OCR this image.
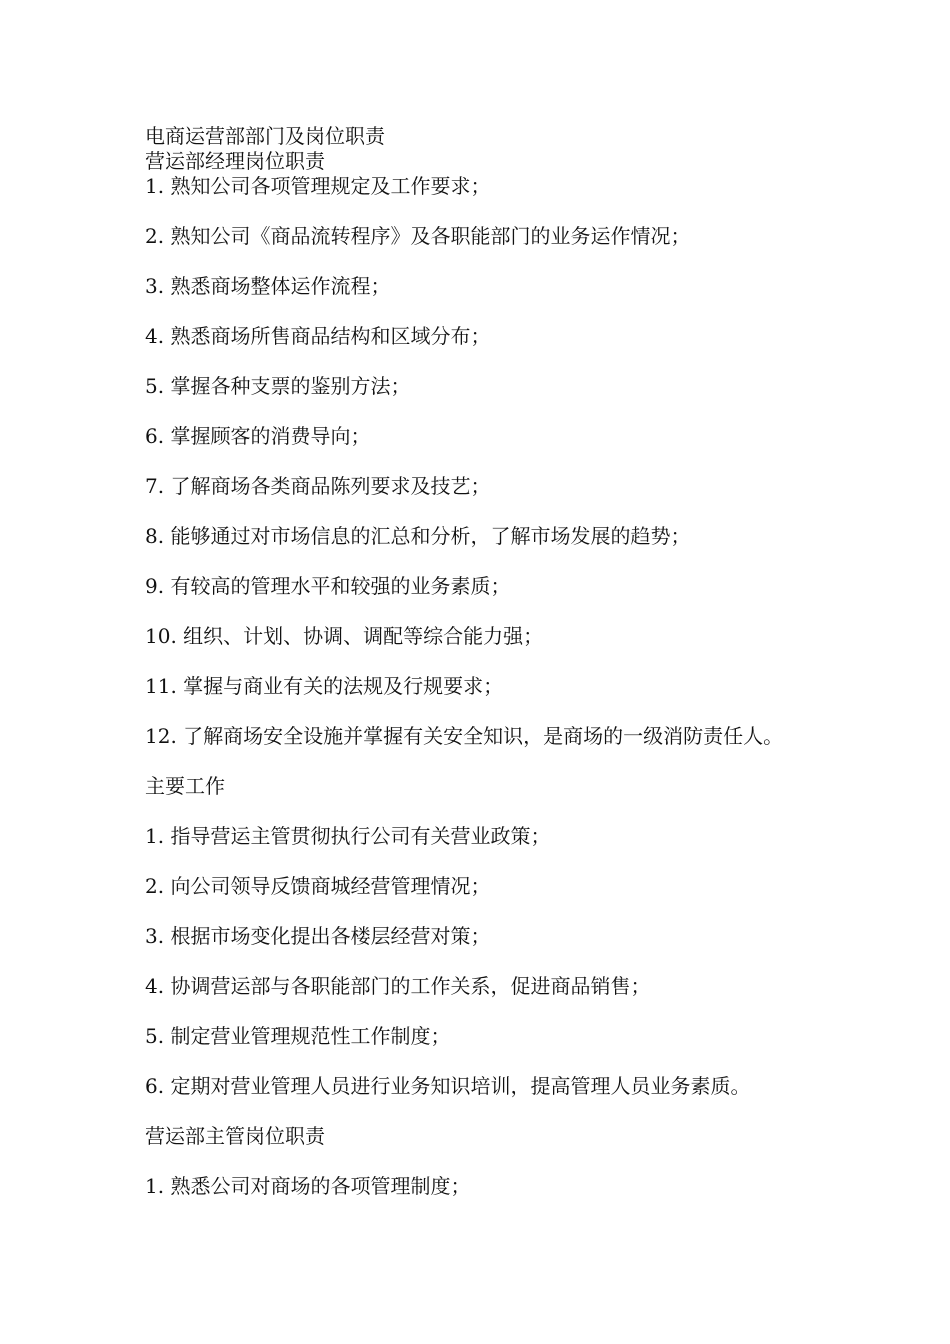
电商运营部部门及岗位职责
营运部经理岗位职责

1. 熟知公司各项管理规定及工作要求；

2. 熟知公司《商品流转程序》及各职能部门的业务运作情况；

3. 熟悉商场整体运作流程；

4. 熟悉商场所售商品结构和区域分布；

5. 掌握各种支票的鉴别方法；

6. 掌握顾客的消费导向；

7. 了解商场各类商品陈列要求及技艺；

8. 能够通过对市场信息的汇总和分析，了解市场发展的趋势；

9. 有较高的管理水平和较强的业务素质；

10. 组织、计划、协调、调配等综合能力强；

11. 掌握与商业有关的法规及行规要求；

12. 了解商场安全设施并掌握有关安全知识，是商场的一级消防责任人。

主要工作

1. 指导营运主管贯彻执行公司有关营业政策；

2. 向公司领导反馈商城经营管理情况；

3. 根据市场变化提出各楼层经营对策；

4. 协调营运部与各职能部门的工作关系，促进商品销售；

5. 制定营业管理规范性工作制度；

6. 定期对营业管理人员进行业务知识培训，提高管理人员业务素质。

营运部主管岗位职责

1. 熟悉公司对商场的各项管理制度；
